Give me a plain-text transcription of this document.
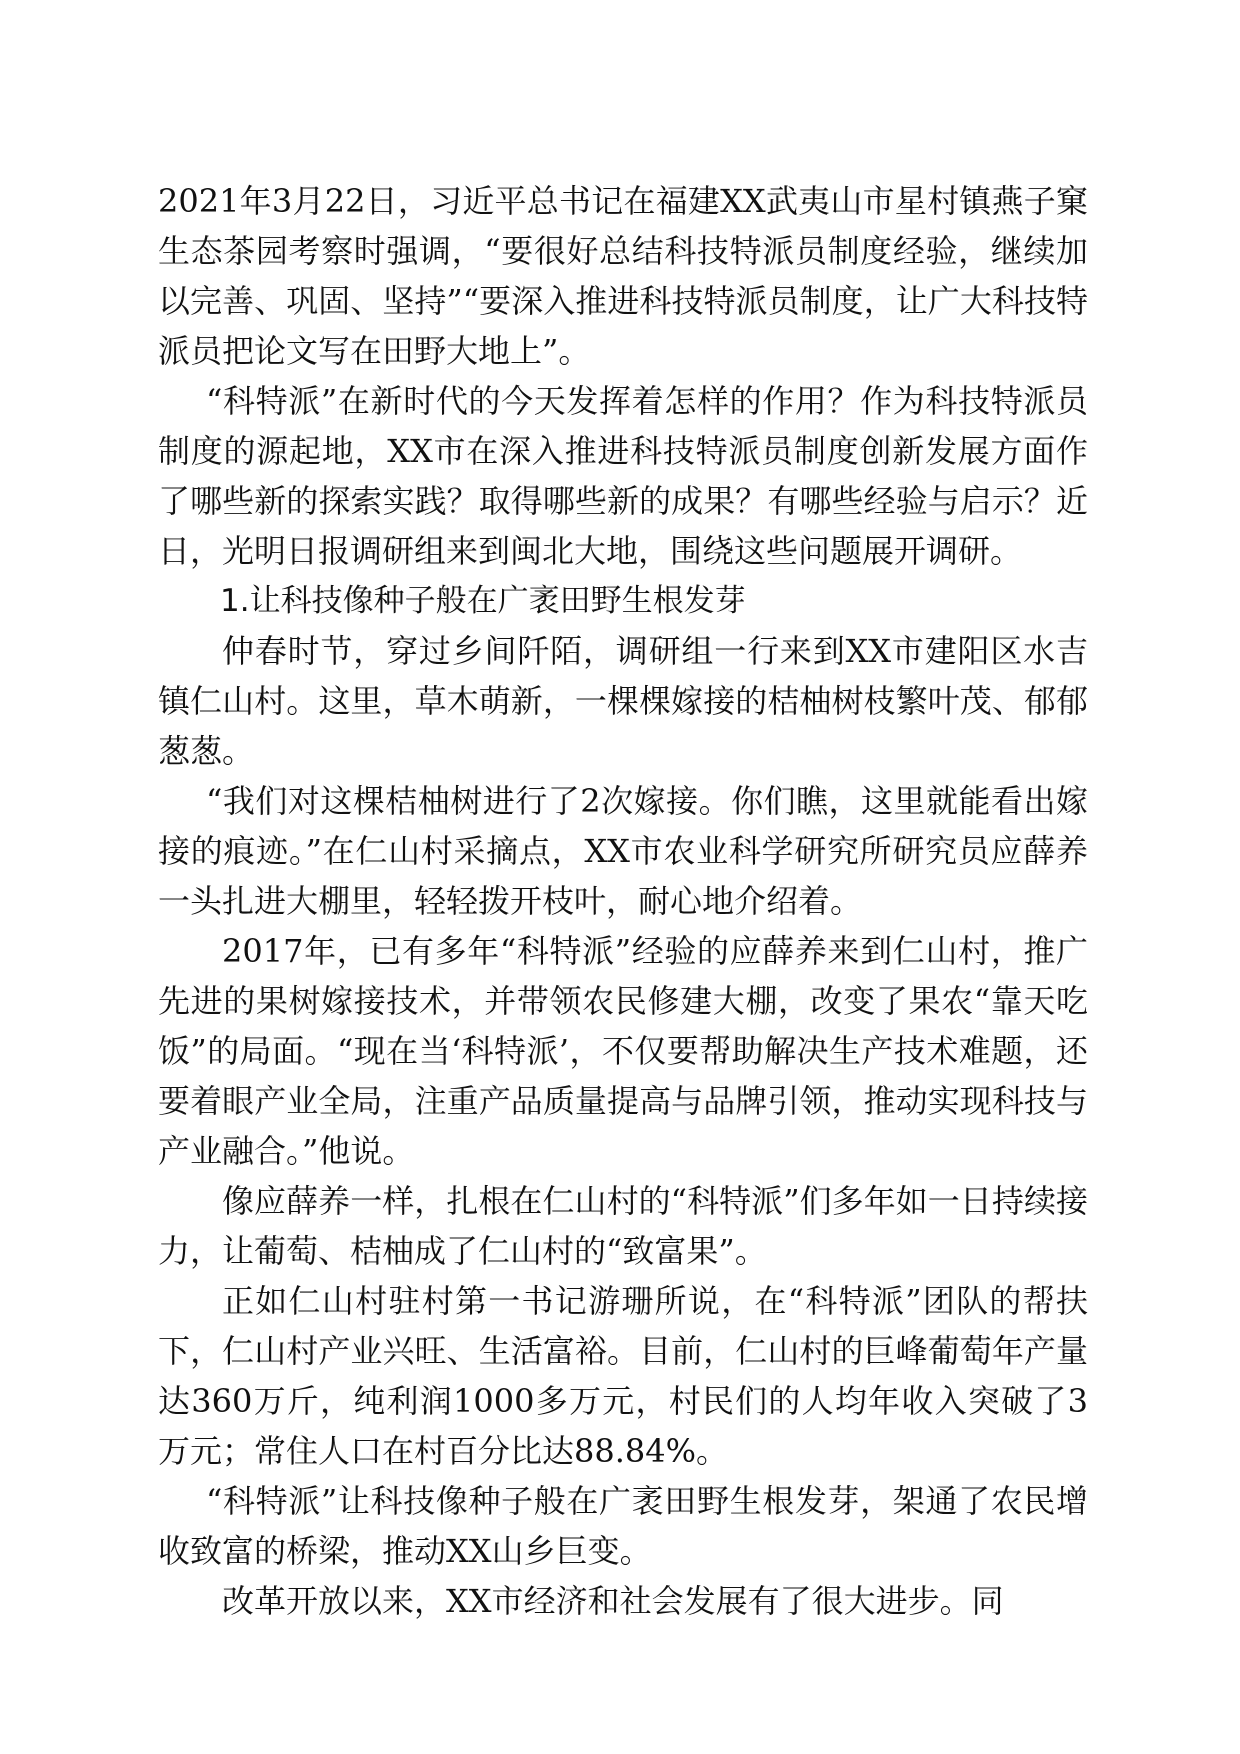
2021年3月22日，习近平总书记在福建XX武夷山市星村镇燕子窠生态茶园考察时强调，“要很好总结科技特派员制度经验，继续加以完善、巩固、坚持”“要深入推进科技特派员制度，让广大科技特派员把论文写在田野大地上”。

“科特派”在新时代的今天发挥着怎样的作用？作为科技特派员制度的源起地，XX市在深入推进科技特派员制度创新发展方面作了哪些新的探索实践？取得哪些新的成果？有哪些经验与启示？近日，光明日报调研组来到闽北大地，围绕这些问题展开调研。

1.让科技像种子般在广袤田野生根发芽

仲春时节，穿过乡间阡陌，调研组一行来到XX市建阳区水吉镇仁山村。这里，草木萌新，一棵棵嫁接的桔柚树枝繁叶茂、郁郁葱葱。

“我们对这棵桔柚树进行了2次嫁接。你们瞧，这里就能看出嫁接的痕迹。”在仁山村采摘点，XX市农业科学研究所研究员应薛养一头扎进大棚里，轻轻拨开枝叶，耐心地介绍着。

2017年，已有多年“科特派”经验的应薛养来到仁山村，推广先进的果树嫁接技术，并带领农民修建大棚，改变了果农“靠天吃饭”的局面。“现在当‘科特派’，不仅要帮助解决生产技术难题，还要着眼产业全局，注重产品质量提高与品牌引领，推动实现科技与产业融合。”他说。

像应薛养一样，扎根在仁山村的“科特派”们多年如一日持续接力，让葡萄、桔柚成了仁山村的“致富果”。

正如仁山村驻村第一书记游珊所说，在“科特派”团队的帮扶下，仁山村产业兴旺、生活富裕。目前，仁山村的巨峰葡萄年产量达360万斤，纯利润1000多万元，村民们的人均年收入突破了3万元；常住人口在村百分比达88.84%。

“科特派”让科技像种子般在广袤田野生根发芽，架通了农民增收致富的桥梁，推动XX山乡巨变。

改革开放以来，XX市经济和社会发展有了很大进步。同
